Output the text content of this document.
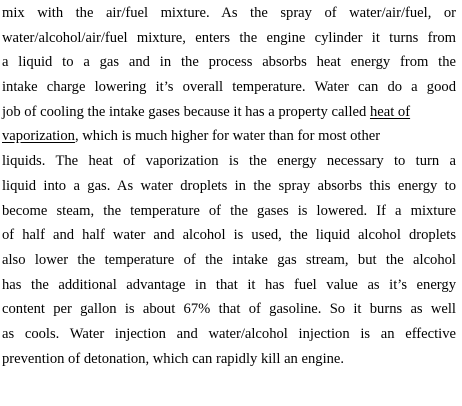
mix with the air/fuel mixture. As the spray of water/air/fuel, or
water/alcohol/air/fuel mixture, enters the engine cylinder it turns from
a liquid to a gas and in the process absorbs heat energy from the
intake charge lowering it’s overall temperature. Water can do a good
job of cooling the intake gases because it has a property called heat of
vaporization, which is much higher for water than for most other
liquids. The heat of vaporization is the energy necessary to turn a
liquid into a gas. As water droplets in the spray absorbs this energy to
become steam, the temperature of the gases is lowered. If a mixture
of half and half water and alcohol is used, the liquid alcohol droplets
also lower the temperature of the intake gas stream, but the alcohol
has the additional advantage in that it has fuel value as it’s energy
content per gallon is about 67% that of gasoline. So it burns as well
as cools. Water injection and water/alcohol injection is an effective
prevention of detonation, which can rapidly kill an engine.
